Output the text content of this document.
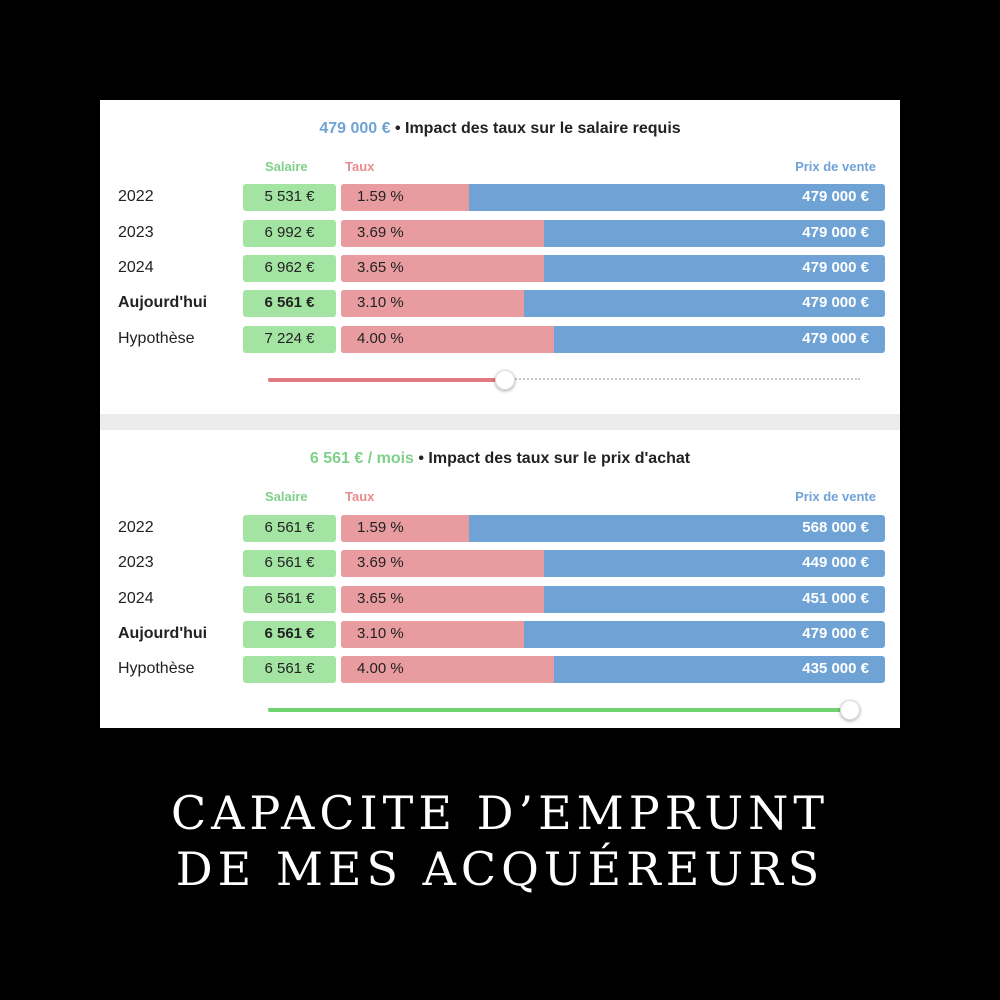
479 000 € • Impact des taux sur le salaire requis
Salaire	Taux	Prix de vente
2022	5 531 €	1.59 %	479 000 €
2023	6 992 €	3.69 %	479 000 €
2024	6 962 €	3.65 %	479 000 €
Aujourd'hui	6 561 €	3.10 %	479 000 €
Hypothèse	7 224 €	4.00 %	479 000 €
6 561 € / mois • Impact des taux sur le prix d'achat
Salaire	Taux	Prix de vente
2022	6 561 €	1.59 %	568 000 €
2023	6 561 €	3.69 %	449 000 €
2024	6 561 €	3.65 %	451 000 €
Aujourd'hui	6 561 €	3.10 %	479 000 €
Hypothèse	6 561 €	4.00 %	435 000 €
CAPACITE D’EMPRUNT
DE MES ACQUÉREURS
